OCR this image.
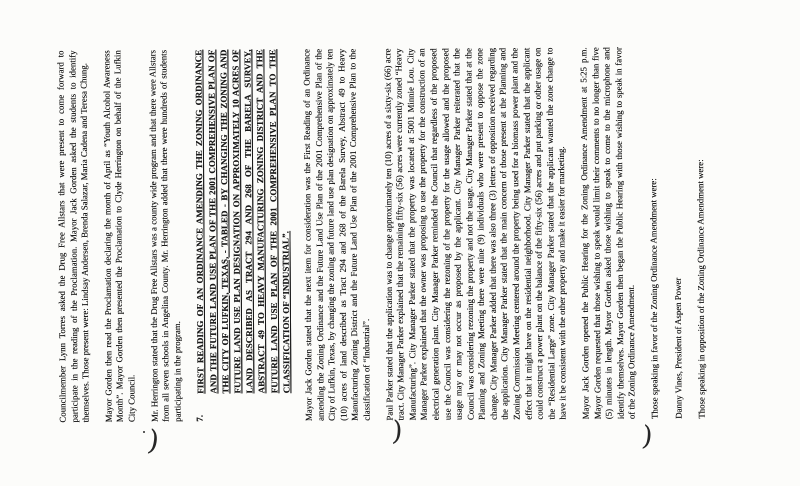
Councilmember Lynn Torres asked the Drug Free Allstars that were present to come forward to participate in the reading of the Proclamation. Mayor Jack Gorden asked the students to identify themselves. Those present were: Lindsay Andersen, Brenda Salazar, Maria Cadena and Teresa Chung. Mayor Gorden then read the Proclamation declaring the month of April as “Youth Alcohol Awareness Month”. Mayor Gorden then presented the Proclamation to Clyde Herrington on behalf of the Lufkin City Council. Mr. Herrington stated that the Drug Free Allstars was a county wide program and that there were Allstars from all seven schools in Angelina County. Mr. Herrington added that there were hundreds of students participating in the program. 7.
FIRST READING OF AN ORDINANCE AMENDING THE ZONING ORDINANCE AND THE FUTURE LAND USE PLAN OF THE 2001 COMPREHENSIVE PLAN OF THE CITY OF LUFKIN, TEXAS, - TABLED - BY CHANGING THE ZONING AND FUTURE LAND USE PLAN DESIGNATION ON APPROXIMATELY 10 ACRES OF LAND DESCRIBED AS TRACT 294 AND 268 OF THE BARELA SURVEY, ABSTRACT 49 TO HEAVY MANUFACTURING ZONING DISTRICT AND THE FUTURE LAND USE PLAN OF THE 2001 COMPREHENSIVE PLAN TO THE CLASSIFICATION OF “INDUSTRIAL”. Mayor Jack Gorden stated that the next item for consideration was the First Reading of an Ordinance amending the Zoning Ordinance and the Future Land Use Plan of the 2001 Comprehensive Plan of the City of Lufkin, Texas, by changing the zoning and future land use plan designation on approximately ten (10) acres of land described as Tract 294 and 268 of the Barela Survey, Abstract 49 to Heavy Manufacturing Zoning District and the Future Land Use Plan of the 2001 Comprehensive Plan to the classification of “Industrial”. Paul Parker stated that the application was to change approximately ten (10) acres of a sixty-six (66) acre tract. City Manager Parker explained that the remaining fifty-six (56) acres were currently zoned “Heavy Manufacturing”. City Manager Parker stated that the property was located at 5001 Minnie Lou. City Manager Parker explained that the owner was proposing to use the property for the construction of an electrical generation plant. City Manager Parker reminded the Council that regardless of the proposed use the Council was considering the rezoning of the property for the usage allowed and the proposed usage may or may not occur as proposed by the applicant. City Manager Parker reiterated that the Council was considering rezoning the property and not the usage. City Manager Parker stated that at the Planning and Zoning Meeting there were nine (9) individuals who were present to oppose the zone change. City Manager Parker added that there was also three (3) letters of opposition received regarding the application. City Manager Parker stated that the main concern of those present at the Planning and Zoning Commission Meeting centered around the property being used for a biomass power plant and the effect that it might have on the residential neighborhood. City Manager Parker stated that the applicant could construct a power plant on the balance of the fifty-six (56) acres and put parking or other usage on the “Residential Large” zone. City Manager Parker stated that the applicant wanted the zone change to have it be consistent with the other property and make it easier for marketing. Mayor Jack Gorden opened the Public Hearing for the Zoning Ordinance Amendment at 5:25 p.m. Mayor Gorden requested that those wishing to speak would limit their comments to no longer than five (5) minutes in length. Mayor Gorden asked those wishing to speak to come to the microphone and identify themselves. Mayor Gorden then began the Public Hearing with those wishing to speak in favor of the Zoning Ordinance Amendment. Those speaking in favor of the Zoning Ordinance Amendment were: Danny Vines, President of Aspen Power Those speaking in opposition of the Zoning Ordinance Amendment were:

)	)	)
